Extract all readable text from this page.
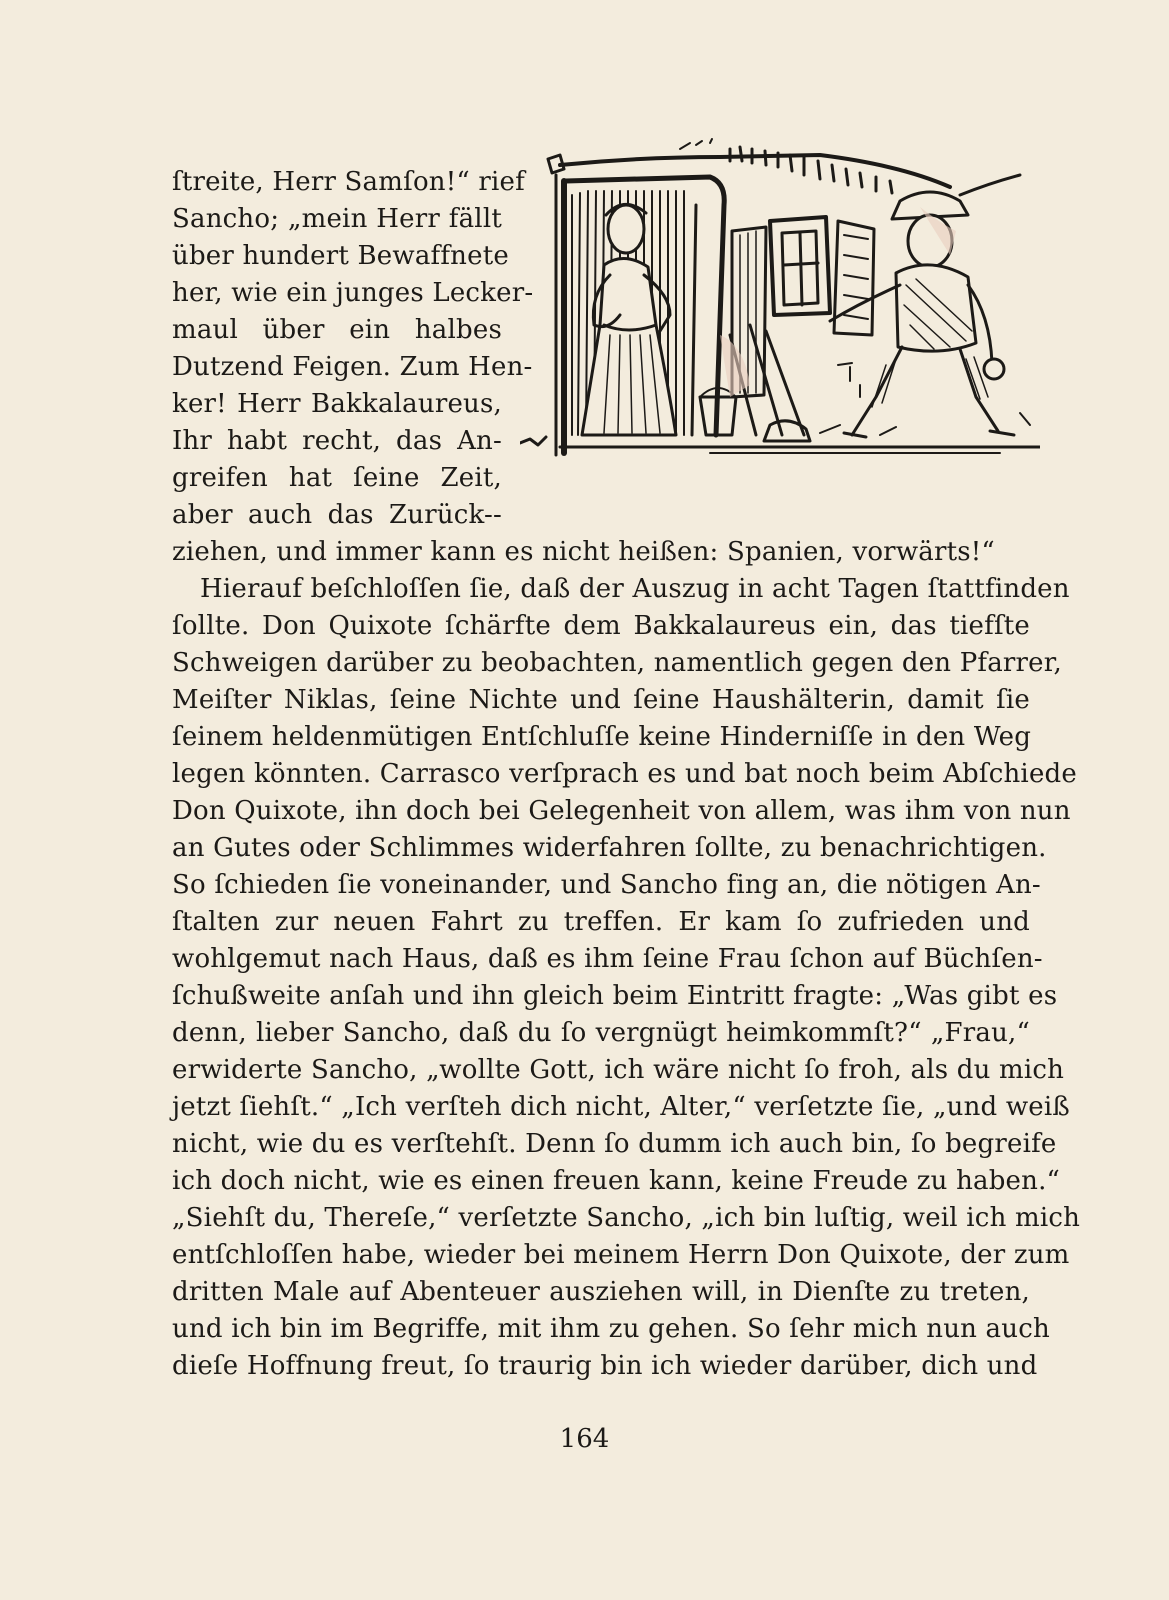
ſtreite, Herr Samſon!“ rief
Sancho; „mein Herr fällt
über hundert Bewaffnete
her, wie ein junges Lecker-
maul über ein halbes
Dutzend Feigen. Zum Hen-
ker! Herr Bakkalaureus,
Ihr habt recht, das An-
greifen hat ſeine Zeit,
aber auch das Zurück--
ziehen, und immer kann es nicht heißen: Spanien, vorwärts!“
Hierauf beſchloſſen ſie, daß der Auszug in acht Tagen ſtattfinden
ſollte. Don Quixote ſchärfte dem Bakkalaureus ein, das tiefſte
Schweigen darüber zu beobachten, namentlich gegen den Pfarrer,
Meiſter Niklas, ſeine Nichte und ſeine Haushälterin, damit ſie
ſeinem heldenmütigen Entſchluſſe keine Hinderniſſe in den Weg
legen könnten. Carrasco verſprach es und bat noch beim Abſchiede
Don Quixote, ihn doch bei Gelegenheit von allem, was ihm von nun
an Gutes oder Schlimmes widerfahren ſollte, zu benachrichtigen.
So ſchieden ſie voneinander, und Sancho fing an, die nötigen An-
ſtalten zur neuen Fahrt zu treffen. Er kam ſo zufrieden und
wohlgemut nach Haus, daß es ihm ſeine Frau ſchon auf Büchſen-
ſchußweite anſah und ihn gleich beim Eintritt fragte: „Was gibt es
denn, lieber Sancho, daß du ſo vergnügt heimkommſt?“ „Frau,“
erwiderte Sancho, „wollte Gott, ich wäre nicht ſo froh, als du mich
jetzt ſiehſt.“ „Ich verſteh dich nicht, Alter,“ verſetzte ſie, „und weiß
nicht, wie du es verſtehſt. Denn ſo dumm ich auch bin, ſo begreife
ich doch nicht, wie es einen freuen kann, keine Freude zu haben.“
„Siehſt du, Thereſe,“ verſetzte Sancho, „ich bin luſtig, weil ich mich
entſchloſſen habe, wieder bei meinem Herrn Don Quixote, der zum
dritten Male auf Abenteuer ausziehen will, in Dienſte zu treten,
und ich bin im Begriffe, mit ihm zu gehen. So ſehr mich nun auch
dieſe Hoffnung freut, ſo traurig bin ich wieder darüber, dich und
164
